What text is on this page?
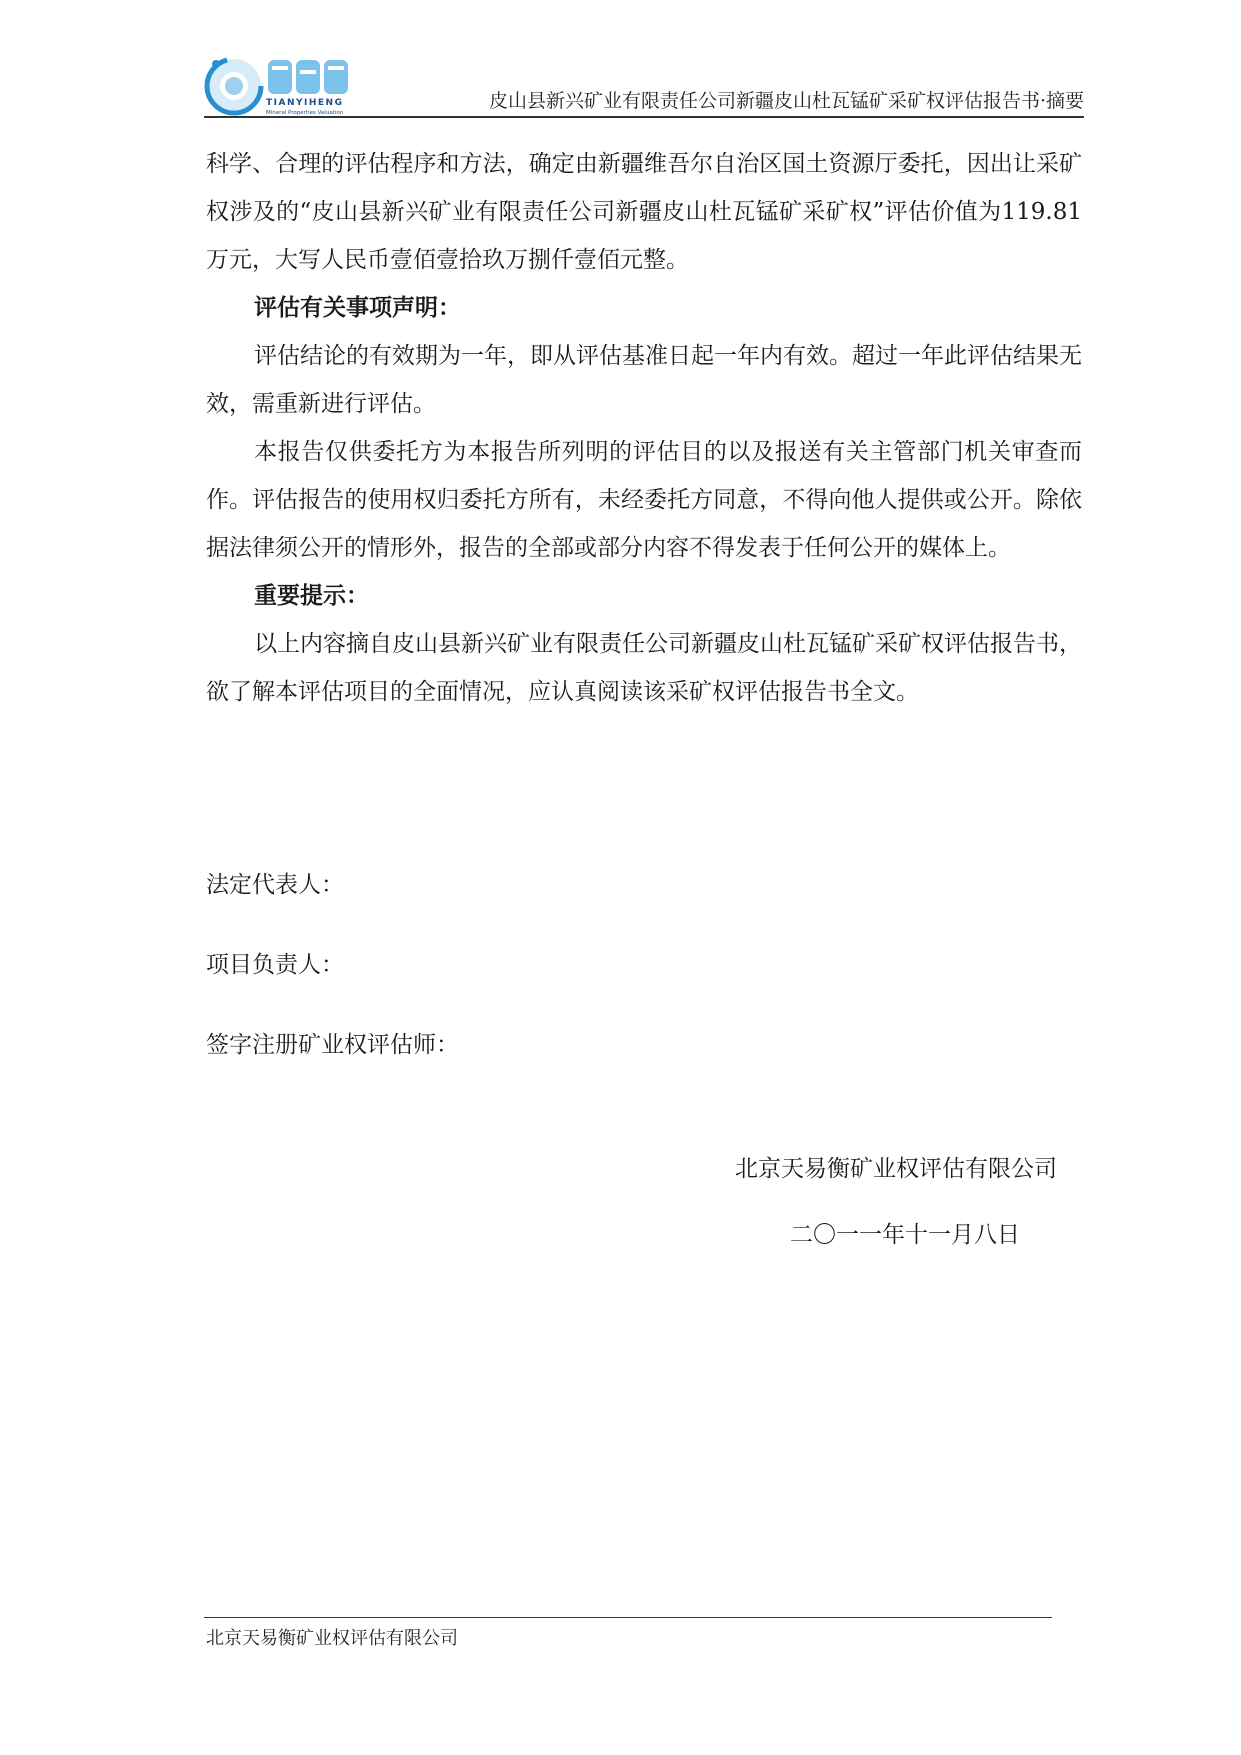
TIANYIHENG
Mineral Properties Valuation
皮山县新兴矿业有限责任公司新疆皮山杜瓦锰矿采矿权评估报告书·摘要

科学、合理的评估程序和方法，确定由新疆维吾尔自治区国土资源厅委托，因出让采矿权涉及的“皮山县新兴矿业有限责任公司新疆皮山杜瓦锰矿采矿权”评估价值为119.81万元，大写人民币壹佰壹拾玖万捌仟壹佰元整。

评估有关事项声明：

评估结论的有效期为一年，即从评估基准日起一年内有效。超过一年此评估结果无效，需重新进行评估。

本报告仅供委托方为本报告所列明的评估目的以及报送有关主管部门机关审查而作。评估报告的使用权归委托方所有，未经委托方同意，不得向他人提供或公开。除依据法律须公开的情形外，报告的全部或部分内容不得发表于任何公开的媒体上。

重要提示：

以上内容摘自皮山县新兴矿业有限责任公司新疆皮山杜瓦锰矿采矿权评估报告书，欲了解本评估项目的全面情况，应认真阅读该采矿权评估报告书全文。

法定代表人：
项目负责人：
签字注册矿业权评估师：
北京天易衡矿业权评估有限公司
二〇一一年十一月八日
北京天易衡矿业权评估有限公司
